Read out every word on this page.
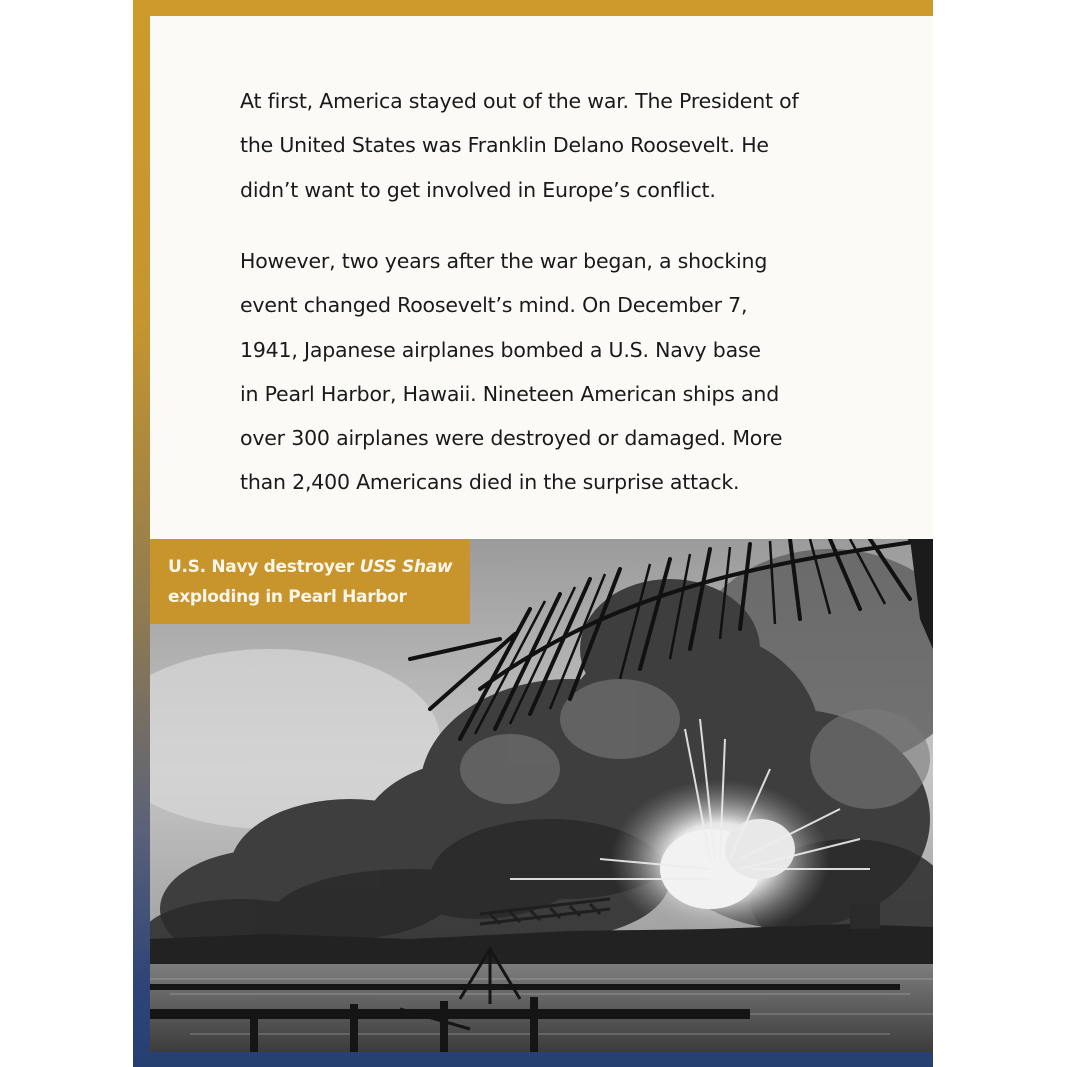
At first, America stayed out of the war. The President of
the United States was Franklin Delano Roosevelt. He
didn’t want to get involved in Europe’s conflict.

However, two years after the war began, a shocking
event changed Roosevelt’s mind. On December 7,
1941, Japanese airplanes bombed a U.S. Navy base
in Pearl Harbor, Hawaii. Nineteen American ships and
over 300 airplanes were destroyed or damaged. More
than 2,400 Americans died in the surprise attack.

U.S. Navy destroyer USS Shaw
exploding in Pearl Harbor
